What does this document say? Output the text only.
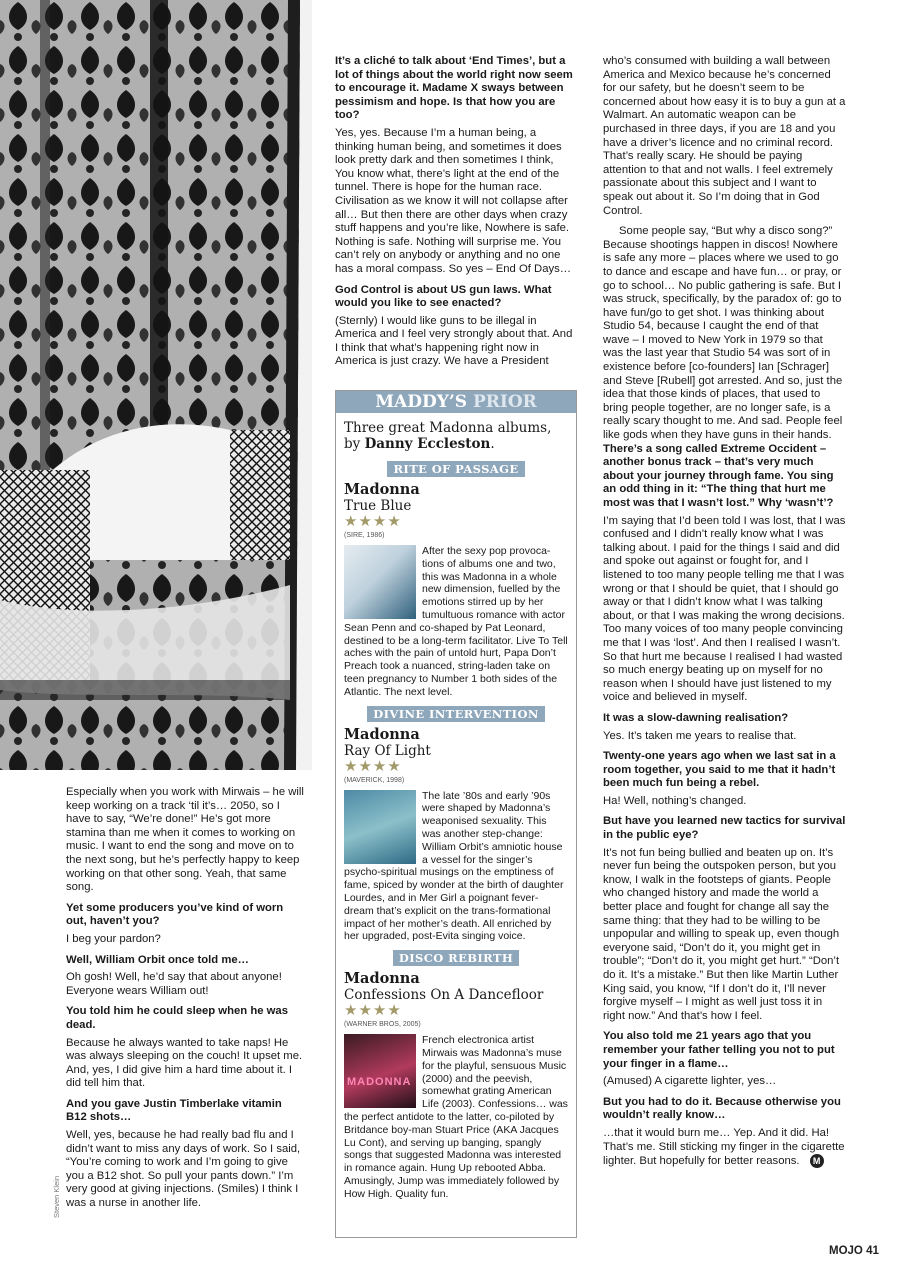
Steven Klein

Especially when you work with Mirwais – he will keep working on a track ‘til it’s… 2050, so I have to say, “We’re done!” He’s got more stamina than me when it comes to working on music. I want to end the song and move on to the next song, but he’s perfectly happy to keep working on that other song. Yeah, that same song.

Yet some producers you’ve kind of worn out, haven’t you?

I beg your pardon?

Well, William Orbit once told me…

Oh gosh! Well, he’d say that about anyone! Everyone wears William out!

You told him he could sleep when he was dead.

Because he always wanted to take naps! He was always sleeping on the couch! It upset me. And, yes, I did give him a hard time about it. I did tell him that.

And you gave Justin Timberlake vitamin B12 shots…

Well, yes, because he had really bad flu and I didn’t want to miss any days of work. So I said, “You’re coming to work and I’m going to give you a B12 shot. So pull your pants down.” I’m very good at giving injections. (Smiles) I think I was a nurse in another life.

It’s a cliché to talk about ‘End Times’, but a lot of things about the world right now seem to encourage it. Madame X sways between pessimism and hope. Is that how you are too?

Yes, yes. Because I’m a human being, a thinking human being, and sometimes it does look pretty dark and then sometimes I think, You know what, there’s light at the end of the tunnel. There is hope for the human race. Civilisation as we know it will not collapse after all… But then there are other days when crazy stuff happens and you’re like, Nowhere is safe. Nothing is safe. Nothing will surprise me. You can’t rely on anybody or anything and no one has a moral compass. So yes – End Of Days…

God Control is about US gun laws. What would you like to see enacted?

(Sternly) I would like guns to be illegal in America and I feel very strongly about that. And I think that what’s happening right now in America is just crazy. We have a President

MADDY’S PRIOR
Three great Madonna albums, by Danny Eccleston.
RITE OF PASSAGE
Madonna
True Blue
★★★★
(SIRE, 1986)
After the sexy pop provoca-tions of albums one and two, this was Madonna in a whole new dimension, fuelled by the emotions stirred up by her tumultuous romance with actor Sean Penn and co-shaped by Pat Leonard, destined to be a long-term facilitator. Live To Tell aches with the pain of untold hurt, Papa Don’t Preach took a nuanced, string-laden take on teen pregnancy to Number 1 both sides of the Atlantic. The next level.
DIVINE INTERVENTION
Madonna
Ray Of Light
★★★★
(MAVERICK, 1998)
The late ’80s and early ’90s were shaped by Madonna’s weaponised sexuality. This was another step-change: William Orbit’s amniotic house a vessel for the singer’s psycho-spiritual musings on the emptiness of fame, spiced by wonder at the birth of daughter Lourdes, and in Mer Girl a poignant fever-dream that’s explicit on the trans-formational impact of her mother’s death. All enriched by her upgraded, post-Evita singing voice.
DISCO REBIRTH
Madonna
Confessions On A Dancefloor
★★★★
(WARNER BROS, 2005)
MADONNA
French electronica artist Mirwais was Madonna’s muse for the playful, sensuous Music (2000) and the peevish, somewhat grating American Life (2003). Confessions… was the perfect antidote to the latter, co-piloted by Britdance boy-man Stuart Price (AKA Jacques Lu Cont), and serving up banging, spangly songs that suggested Madonna was interested in romance again. Hung Up rebooted Abba. Amusingly, Jump was immediately followed by How High. Quality fun.

who’s consumed with building a wall between America and Mexico because he’s concerned for our safety, but he doesn’t seem to be concerned about how easy it is to buy a gun at a Walmart. An automatic weapon can be purchased in three days, if you are 18 and you have a driver’s licence and no criminal record. That’s really scary. He should be paying attention to that and not walls. I feel extremely passionate about this subject and I want to speak out about it. So I’m doing that in God Control.

Some people say, “But why a disco song?” Because shootings happen in discos! Nowhere is safe any more – places where we used to go to dance and escape and have fun… or pray, or go to school… No public gathering is safe. But I was struck, specifically, by the paradox of: go to have fun/go to get shot. I was thinking about Studio 54, because I caught the end of that wave – I moved to New York in 1979 so that was the last year that Studio 54 was sort of in existence before [co-founders] Ian [Schrager] and Steve [Rubell] got arrested. And so, just the idea that those kinds of places, that used to bring people together, are no longer safe, is a really scary thought to me. And sad. People feel like gods when they have guns in their hands.

There’s a song called Extreme Occident – another bonus track – that’s very much about your journey through fame. You sing an odd thing in it: “The thing that hurt me most was that I wasn’t lost.” Why ‘wasn’t’?

I’m saying that I’d been told I was lost, that I was confused and I didn’t really know what I was talking about. I paid for the things I said and did and spoke out against or fought for, and I listened to too many people telling me that I was wrong or that I should be quiet, that I should go away or that I didn’t know what I was talking about, or that I was making the wrong decisions. Too many voices of too many people convincing me that I was ‘lost’. And then I realised I wasn’t. So that hurt me because I realised I had wasted so much energy beating up on myself for no reason when I should have just listened to my voice and believed in myself.

It was a slow-dawning realisation?

Yes. It’s taken me years to realise that.

Twenty-one years ago when we last sat in a room together, you said to me that it hadn’t been much fun being a rebel.

Ha! Well, nothing’s changed.

But have you learned new tactics for survival in the public eye?

It’s not fun being bullied and beaten up on. It’s never fun being the outspoken person, but you know, I walk in the footsteps of giants. People who changed history and made the world a better place and fought for change all say the same thing: that they had to be willing to be unpopular and willing to speak up, even though everyone said, “Don’t do it, you might get in trouble”; “Don’t do it, you might get hurt.” “Don’t do it. It’s a mistake.” But then like Martin Luther King said, you know, “If I don’t do it, I’ll never forgive myself – I might as well just toss it in right now.” And that’s how I feel.

You also told me 21 years ago that you remember your father telling you not to put your finger in a flame…

(Amused) A cigarette lighter, yes…

But you had to do it. Because otherwise you wouldn’t really know…

…that it would burn me… Yep. And it did. Ha! That’s me. Still sticking my finger in the cigarette lighter. But hopefully for better reasons. M

MOJO 41
